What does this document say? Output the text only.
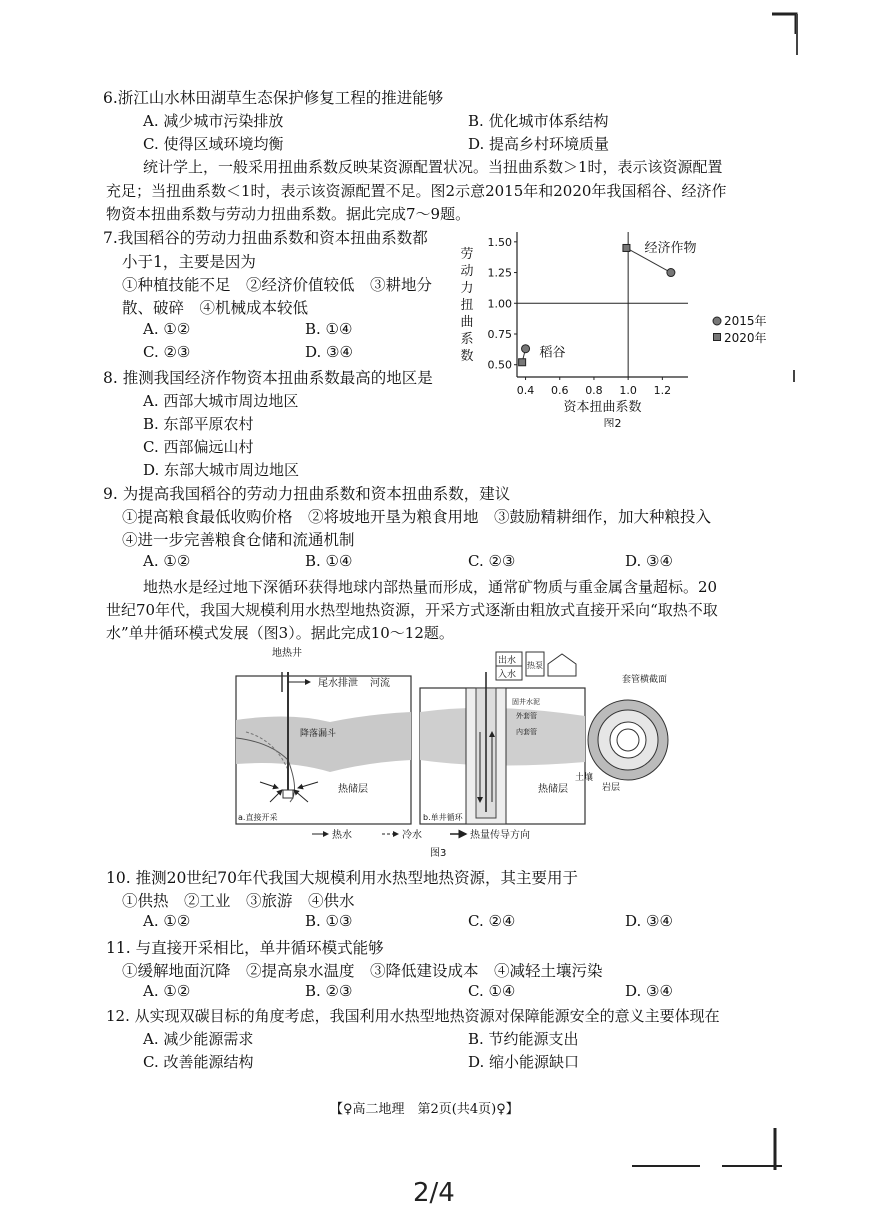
6.浙江山水林田湖草生态保护修复工程的推进能够
A. 减少城市污染排放	B. 优化城市体系结构
C. 使得区域环境均衡	D. 提高乡村环境质量
统计学上，一般采用扭曲系数反映某资源配置状况。当扭曲系数＞1时，表示该资源配置
充足；当扭曲系数＜1时，表示该资源配置不足。图2示意2015年和2020年我国稻谷、经济作
物资本扭曲系数与劳动力扭曲系数。据此完成7～9题。
7.我国稻谷的劳动力扭曲系数和资本扭曲系数都
小于1，主要是因为
①种植技能不足　②经济价值较低　③耕地分
散、破碎　④机械成本较低
A. ①②	B. ①④
C. ②③	D. ③④
0.4 0.6 0.8 1.0 1.2
0.50
0.75
1.00
1.25
1.50
资本扭曲系数
劳
动
力
扭
曲
系
数
图2
经济作物
稻谷
2015年
2020年
8. 推测我国经济作物资本扭曲系数最高的地区是
A. 西部大城市周边地区
B. 东部平原农村
C. 西部偏远山村
D. 东部大城市周边地区
9. 为提高我国稻谷的劳动力扭曲系数和资本扭曲系数，建议
①提高粮食最低收购价格　②将坡地开垦为粮食用地　③鼓励精耕细作，加大种粮投入
④进一步完善粮食仓储和流通机制
A. ①②	B. ①④	C. ②③	D. ③④
地热水是经过地下深循环获得地球内部热量而形成，通常矿物质与重金属含量超标。20
世纪70年代，我国大规模利用水热型地热资源，开采方式逐渐由粗放式直接开采向“取热不取
水”单井循环模式发展（图3）。据此完成10～12题。
地热井
尾水排泄 河流
降落漏斗
热储层
a.直接开采
出水
入水
热泵
固井水泥
外套管
内套管
热储层
b.单井循环
套管横截面
土壤
岩层
热水	冷水	热量传导方向
图3
10. 推测20世纪70年代我国大规模利用水热型地热资源，其主要用于
①供热　②工业　③旅游　④供水
A. ①②	B. ①③	C. ②④	D. ③④
11. 与直接开采相比，单井循环模式能够
①缓解地面沉降　②提高泉水温度　③降低建设成本　④减轻土壤污染
A. ①②	B. ②③	C. ①④	D. ③④
12. 从实现双碳目标的角度考虑，我国利用水热型地热资源对保障能源安全的意义主要体现在
A. 减少能源需求	B. 节约能源支出
C. 改善能源结构	D. 缩小能源缺口
【♀高二地理　第2页(共4页)♀】
2/4
